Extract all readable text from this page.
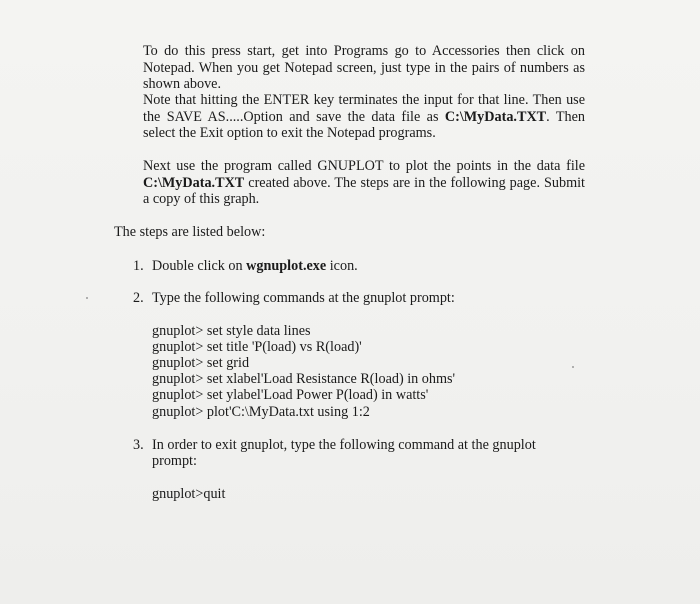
To do this press start, get into Programs go to Accessories then click on
Notepad. When you get Notepad screen, just type in the pairs of numbers as
shown above.
Note that hitting the ENTER key terminates the input for that line. Then use
the SAVE AS.....Option and save the data file as C:\MyData.TXT. Then
select the Exit option to exit the Notepad programs.
Next use the program called GNUPLOT to plot the points in the data file
C:\MyData.TXT created above. The steps are in the following page. Submit
a copy of this graph.

The steps are listed below:

1. Double click on wgnuplot.exe icon.

2. Type the following commands at the gnuplot prompt:

gnuplot> set style data lines

gnuplot> set title 'P(load) vs R(load)'

gnuplot> set grid

gnuplot> set xlabel'Load Resistance R(load) in ohms'

gnuplot> set ylabel'Load Power P(load) in watts'

gnuplot> plot'C:\MyData.txt using 1:2

3. In order to exit gnuplot, type the following command at the gnuplot

prompt:

gnuplot>quit
